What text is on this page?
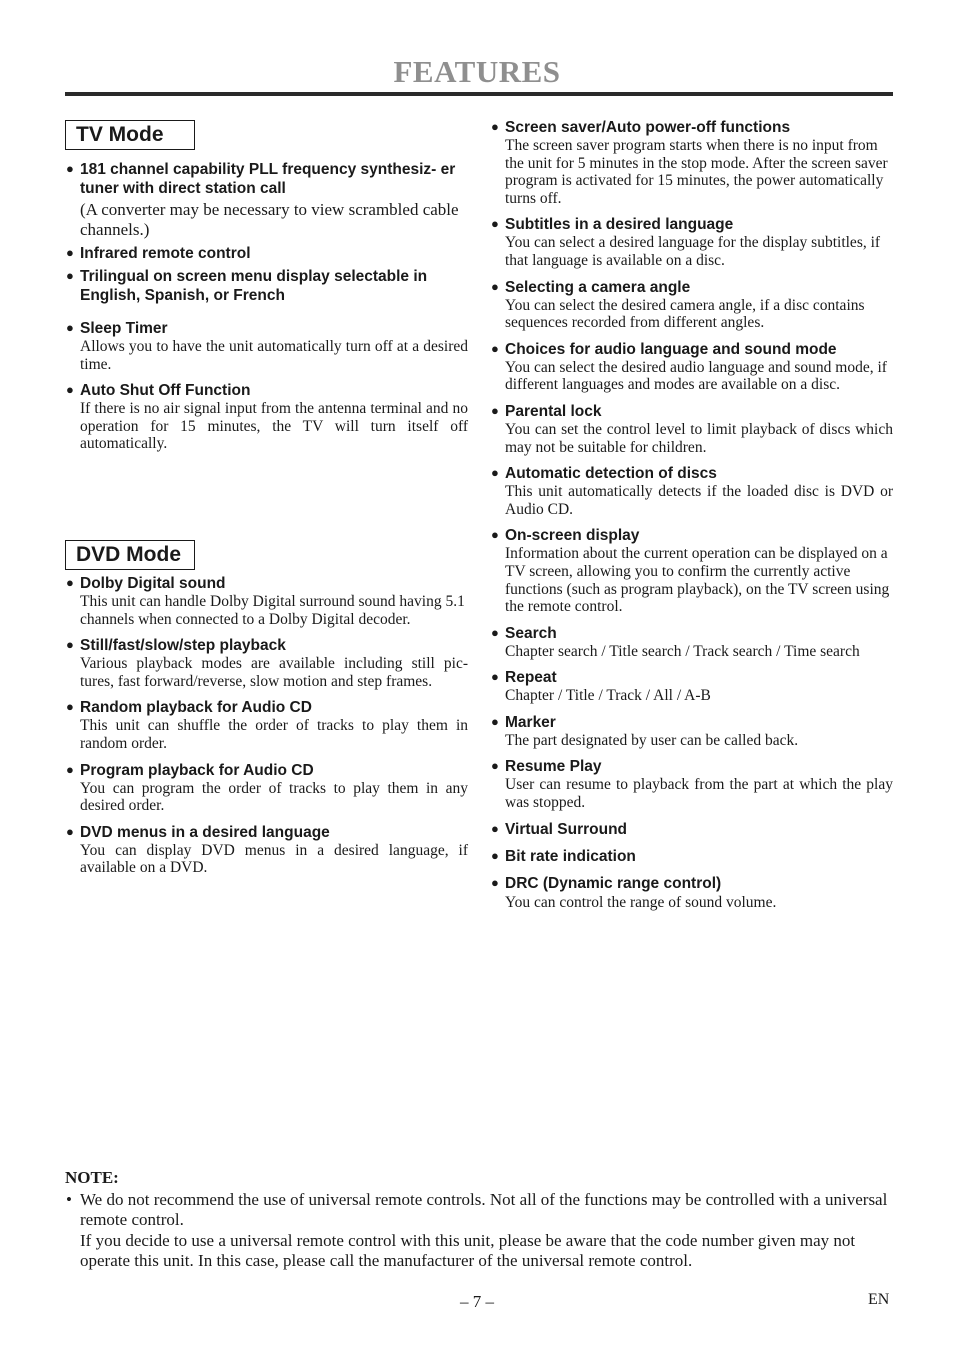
FEATURES
TV Mode
● 181 channel capability PLL frequency synthesiz- er tuner with direct station call
(A converter may be necessary to view scrambled cable channels.)
● Infrared remote control
● Trilingual on screen menu display selectable in English, Spanish, or French
● Sleep Timer
Allows you to have the unit automatically turn off at a desired time.
● Auto Shut Off Function
If there is no air signal input from the antenna terminal and no operation for 15 minutes, the TV will turn itself off automatically.
DVD Mode
● Dolby Digital sound
This unit can handle Dolby Digital surround sound having 5.1 channels when connected to a Dolby Digital decoder.
● Still/fast/slow/step playback
Various playback modes are available including still pic- tures, fast forward/reverse, slow motion and step frames.
● Random playback for Audio CD
This unit can shuffle the order of tracks to play them in random order.
● Program playback for Audio CD
You can program the order of tracks to play them in any desired order.
● DVD menus in a desired language
You can display DVD menus in a desired language, if available on a DVD.
● Screen saver/Auto power-off functions
The screen saver program starts when there is no input from the unit for 5 minutes in the stop mode. After the screen saver program is activated for 15 minutes, the power automatically turns off.
● Subtitles in a desired language
You can select a desired language for the display subtitles, if that language is available on a disc.
● Selecting a camera angle
You can select the desired camera angle, if a disc contains sequences recorded from different angles.
● Choices for audio language and sound mode
You can select the desired audio language and sound mode, if different languages and modes are available on a disc.
● Parental lock
You can set the control level to limit playback of discs which may not be suitable for children.
● Automatic detection of discs
This unit automatically detects if the loaded disc is DVD or Audio CD.
● On-screen display
Information about the current operation can be displayed on a TV screen, allowing you to confirm the currently active functions (such as program playback), on the TV screen using the remote control.
● Search
Chapter search / Title search / Track search / Time search
● Repeat
Chapter / Title / Track / All / A-B
● Marker
The part designated by user can be called back.
● Resume Play
User can resume to playback from the part at which the play was stopped.
● Virtual Surround
● Bit rate indication
● DRC (Dynamic range control)
You can control the range of sound volume.
NOTE:
• We do not recommend the use of universal remote controls. Not all of the functions may be controlled with a universal remote control.
If you decide to use a universal remote control with this unit, please be aware that the code number given may not operate this unit. In this case, please call the manufacturer of the universal remote control.
– 7 –	EN
